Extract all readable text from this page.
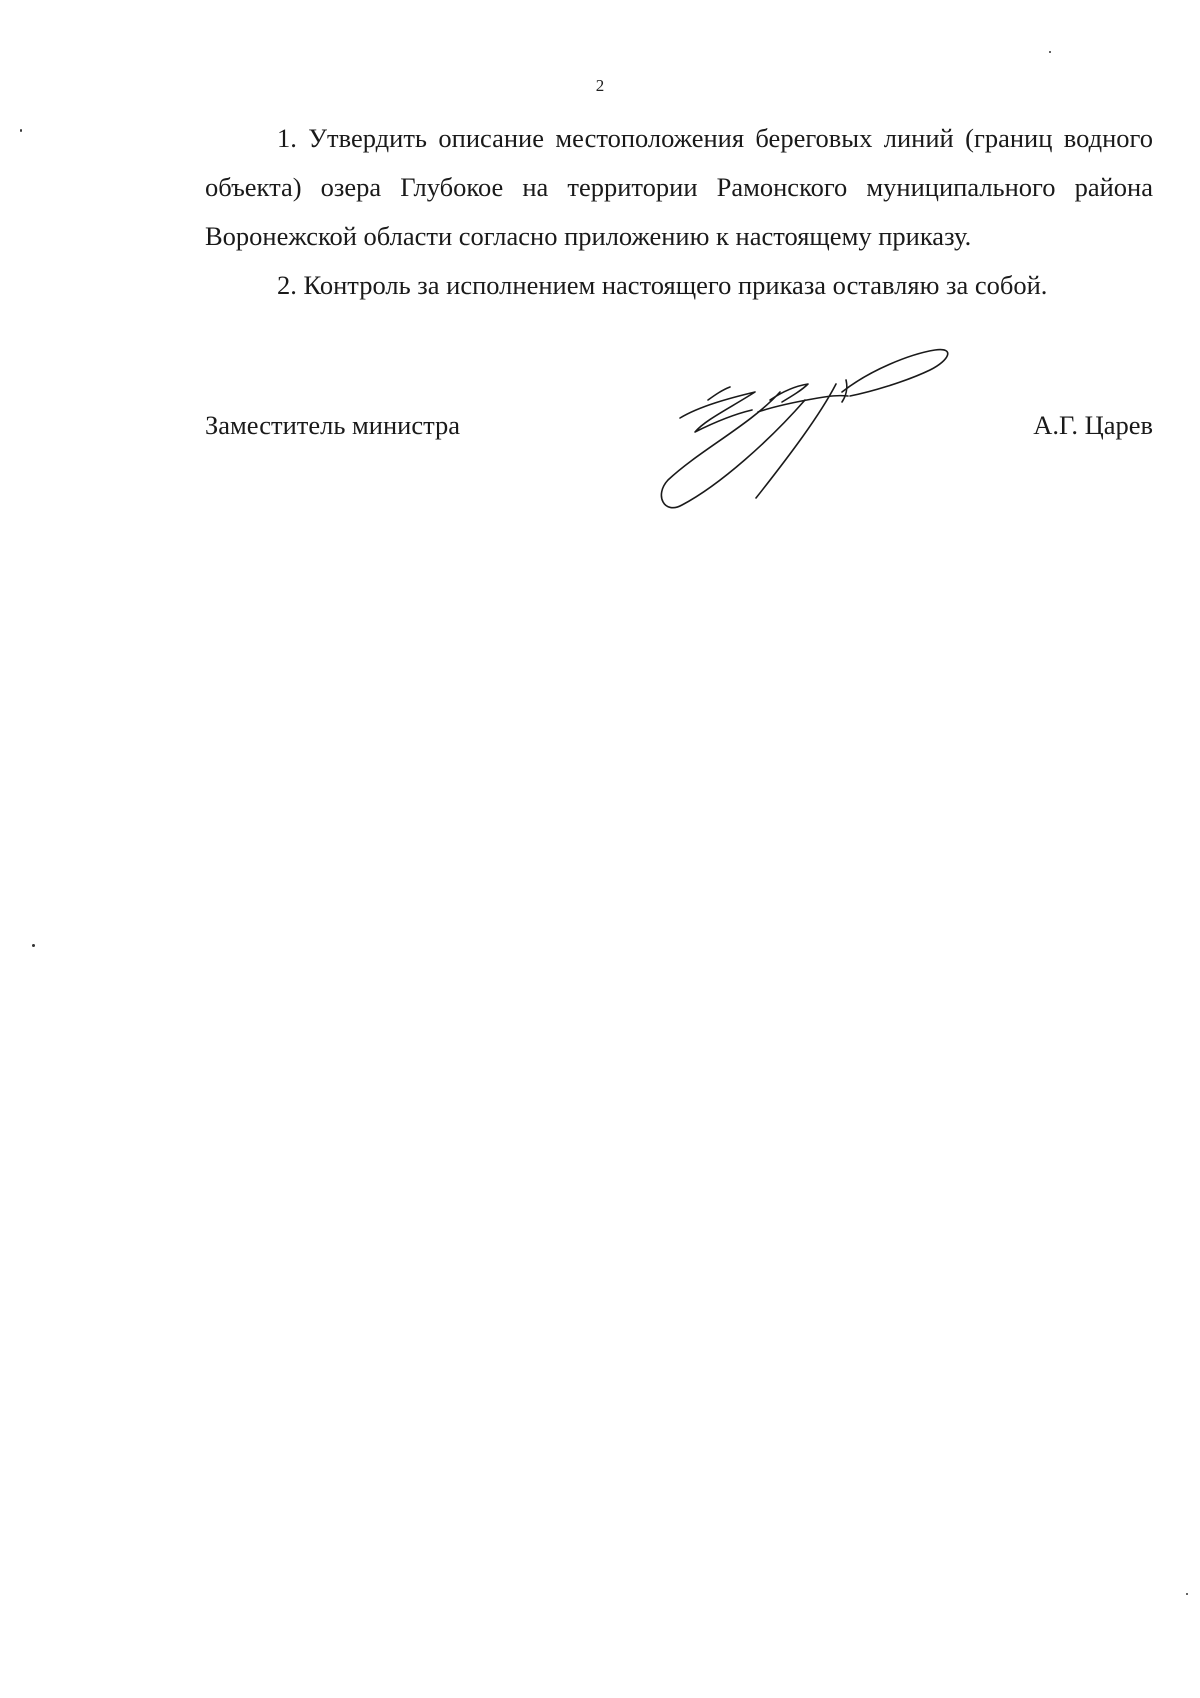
2

1. Утвердить описание местоположения береговых линий (границ водного объекта) озера Глубокое на территории Рамонского муниципального района Воронежской области согласно приложению к настоящему приказу.

2. Контроль за исполнением настоящего приказа оставляю за собой.

Заместитель министра	А.Г. Царев
